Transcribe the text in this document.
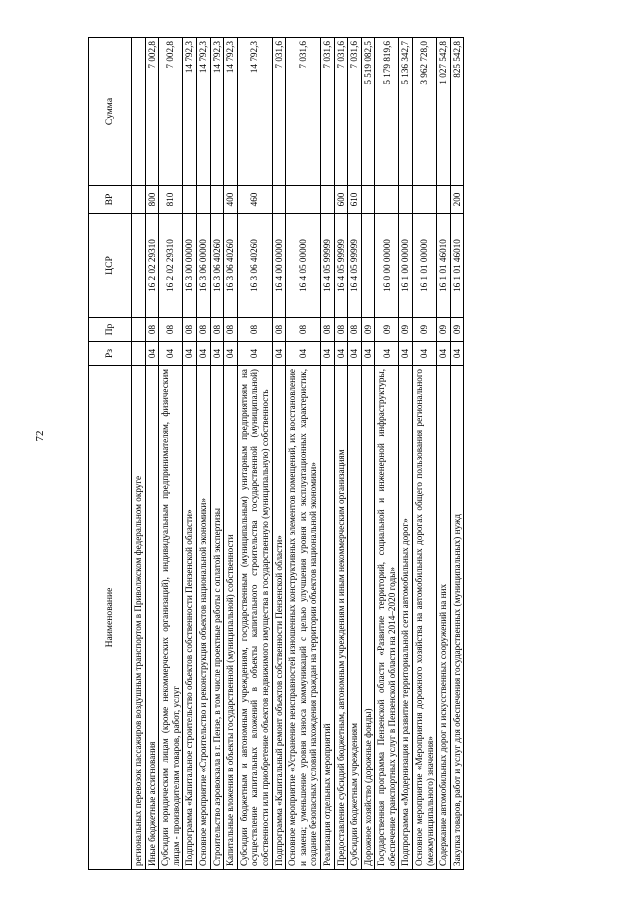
72
Наименование	Рз	Пр	ЦСР	ВР	Сумма
региональных перевозок пассажиров воздушным транспортом в Приволжском федеральном округе					
Иные бюджетные ассигнования	04	08	16 2 02 29310	800	7 002,8
Субсидии юридическим лицам (кроме некоммерческих организаций), индивидуальным предпринимателям, физическим лицам - производителям товаров, работ, услуг	04	08	16 2 02 29310	810	7 002,8
Подпрограмма «Капитальное строительство объектов собственности Пензенской области»	04	08	16 3 00 00000		14 792,3
Основное мероприятие «Строительство и реконструкция объектов национальной экономики»	04	08	16 3 06 00000		14 792,3
Строительство аэровокзала в г. Пензе, в том числе проектные работы с оплатой экспертизы	04	08	16 3 06 40260		14 792,3
Капитальные вложения в объекты государственной (муниципальной) собственности	04	08	16 3 06 40260	400	14 792,3
Субсидии бюджетным и автономным учреждениям, государственным (муниципальным) унитарным предприятиям на осуществление капитальных вложений в объекты капитального строительства государственной (муниципальной) собственности или приобретение объектов недвижимого имущества в государственную (муниципальную) собственность	04	08	16 3 06 40260	460	14 792,3
Подпрограмма «Капитальный ремонт объектов собственности Пензенской области»	04	08	16 4 00 00000		7 031,6
Основное мероприятие «Устранение неисправностей изношенных конструктивных элементов помещений, их восстановление и замена; уменьшение уровня износа коммуникаций с целью улучшения уровня их эксплуатационных характеристик, создание безопасных условий нахождения граждан на территории объектов национальной экономики»	04	08	16 4 05 00000		7 031,6
Реализация отдельных мероприятий	04	08	16 4 05 99999		7 031,6
Предоставление субсидий бюджетным, автономным учреждениям и иным некоммерческим организациям	04	08	16 4 05 99999	600	7 031,6
Субсидии бюджетным учреждениям	04	08	16 4 05 99999	610	7 031,6
Дорожное хозяйство (дорожные фонды)	04	09			5 519 082,5
Государственная программа Пензенской области «Развитие территорий, социальной и инженерной инфраструктуры, обеспечение транспортных услуг в Пензенской области на 2014–2020 годы»	04	09	16 0 00 00000		5 179 819,6
Подпрограмма «Модернизация и развитие территориальной сети автомобильных дорог»	04	09	16 1 00 00000		5 136 342,7
Основное мероприятие «Мероприятия дорожного хозяйства на автомобильных дорогах общего пользования регионального (межмуниципального) значения»	04	09	16 1 01 00000		3 962 728,0
Содержание автомобильных дорог и искусственных сооружений на них	04	09	16 1 01 46010		1 027 542,8
Закупка товаров, работ и услуг для обеспечения государственных (муниципальных) нужд	04	09	16 1 01 46010	200	825 542,8
